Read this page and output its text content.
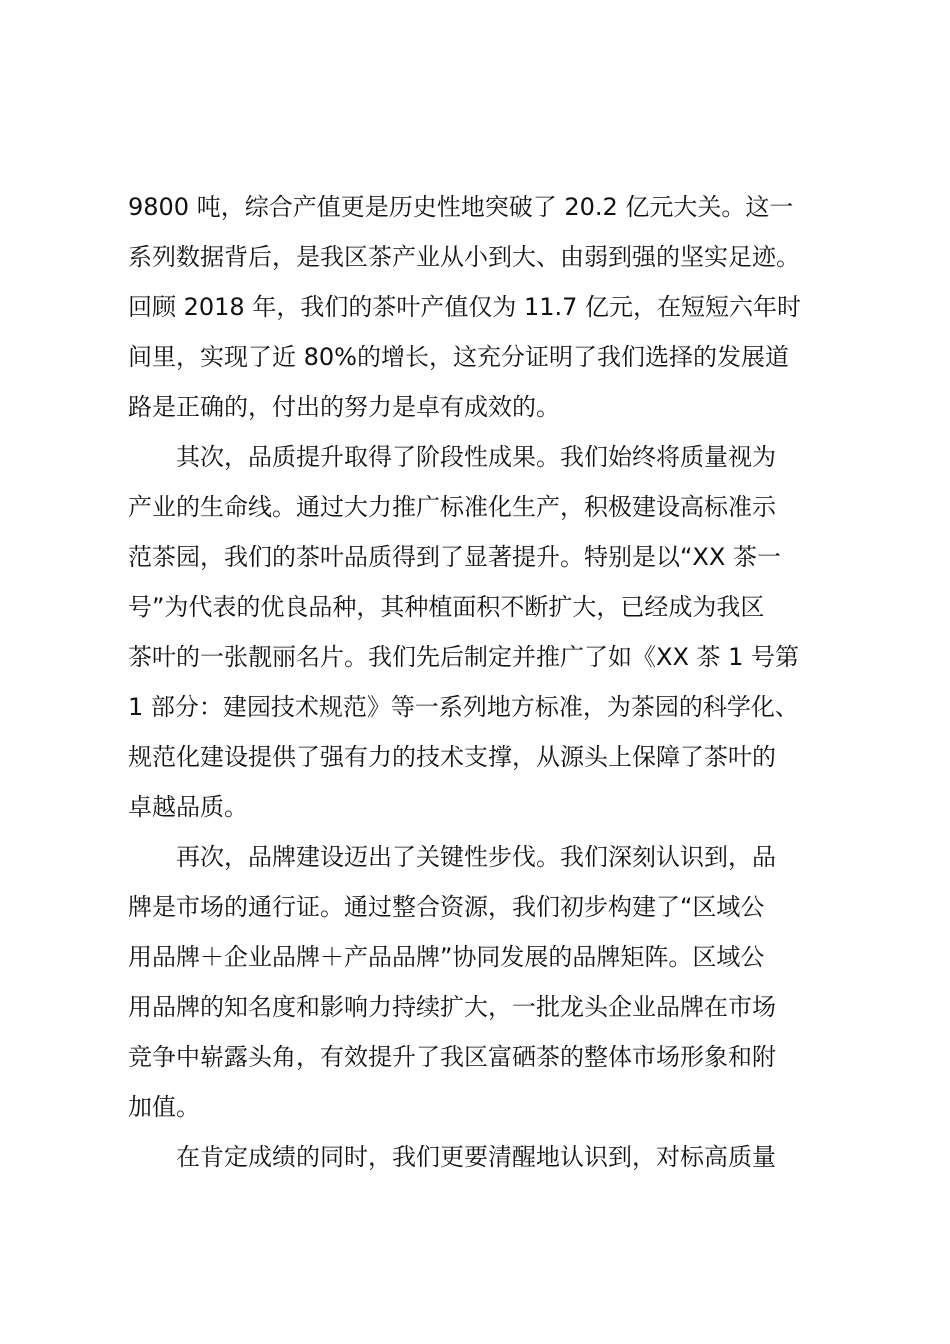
9800 吨，综合产值更是历史性地突破了 20.2 亿元大关。这一
系列数据背后，是我区茶产业从小到大、由弱到强的坚实足迹。
回顾 2018 年，我们的茶叶产值仅为 11.7 亿元，在短短六年时
间里，实现了近 80%的增长，这充分证明了我们选择的发展道
路是正确的，付出的努力是卓有成效的。
其次，品质提升取得了阶段性成果。我们始终将质量视为
产业的生命线。通过大力推广标准化生产，积极建设高标准示
范茶园，我们的茶叶品质得到了显著提升。特别是以“XX 茶一
号”为代表的优良品种，其种植面积不断扩大，已经成为我区
茶叶的一张靓丽名片。我们先后制定并推广了如《XX 茶 1 号第
1 部分：建园技术规范》等一系列地方标准，为茶园的科学化、
规范化建设提供了强有力的技术支撑，从源头上保障了茶叶的
卓越品质。
再次，品牌建设迈出了关键性步伐。我们深刻认识到，品
牌是市场的通行证。通过整合资源，我们初步构建了“区域公
用品牌＋企业品牌＋产品品牌”协同发展的品牌矩阵。区域公
用品牌的知名度和影响力持续扩大，一批龙头企业品牌在市场
竞争中崭露头角，有效提升了我区富硒茶的整体市场形象和附
加值。
在肯定成绩的同时，我们更要清醒地认识到，对标高质量
